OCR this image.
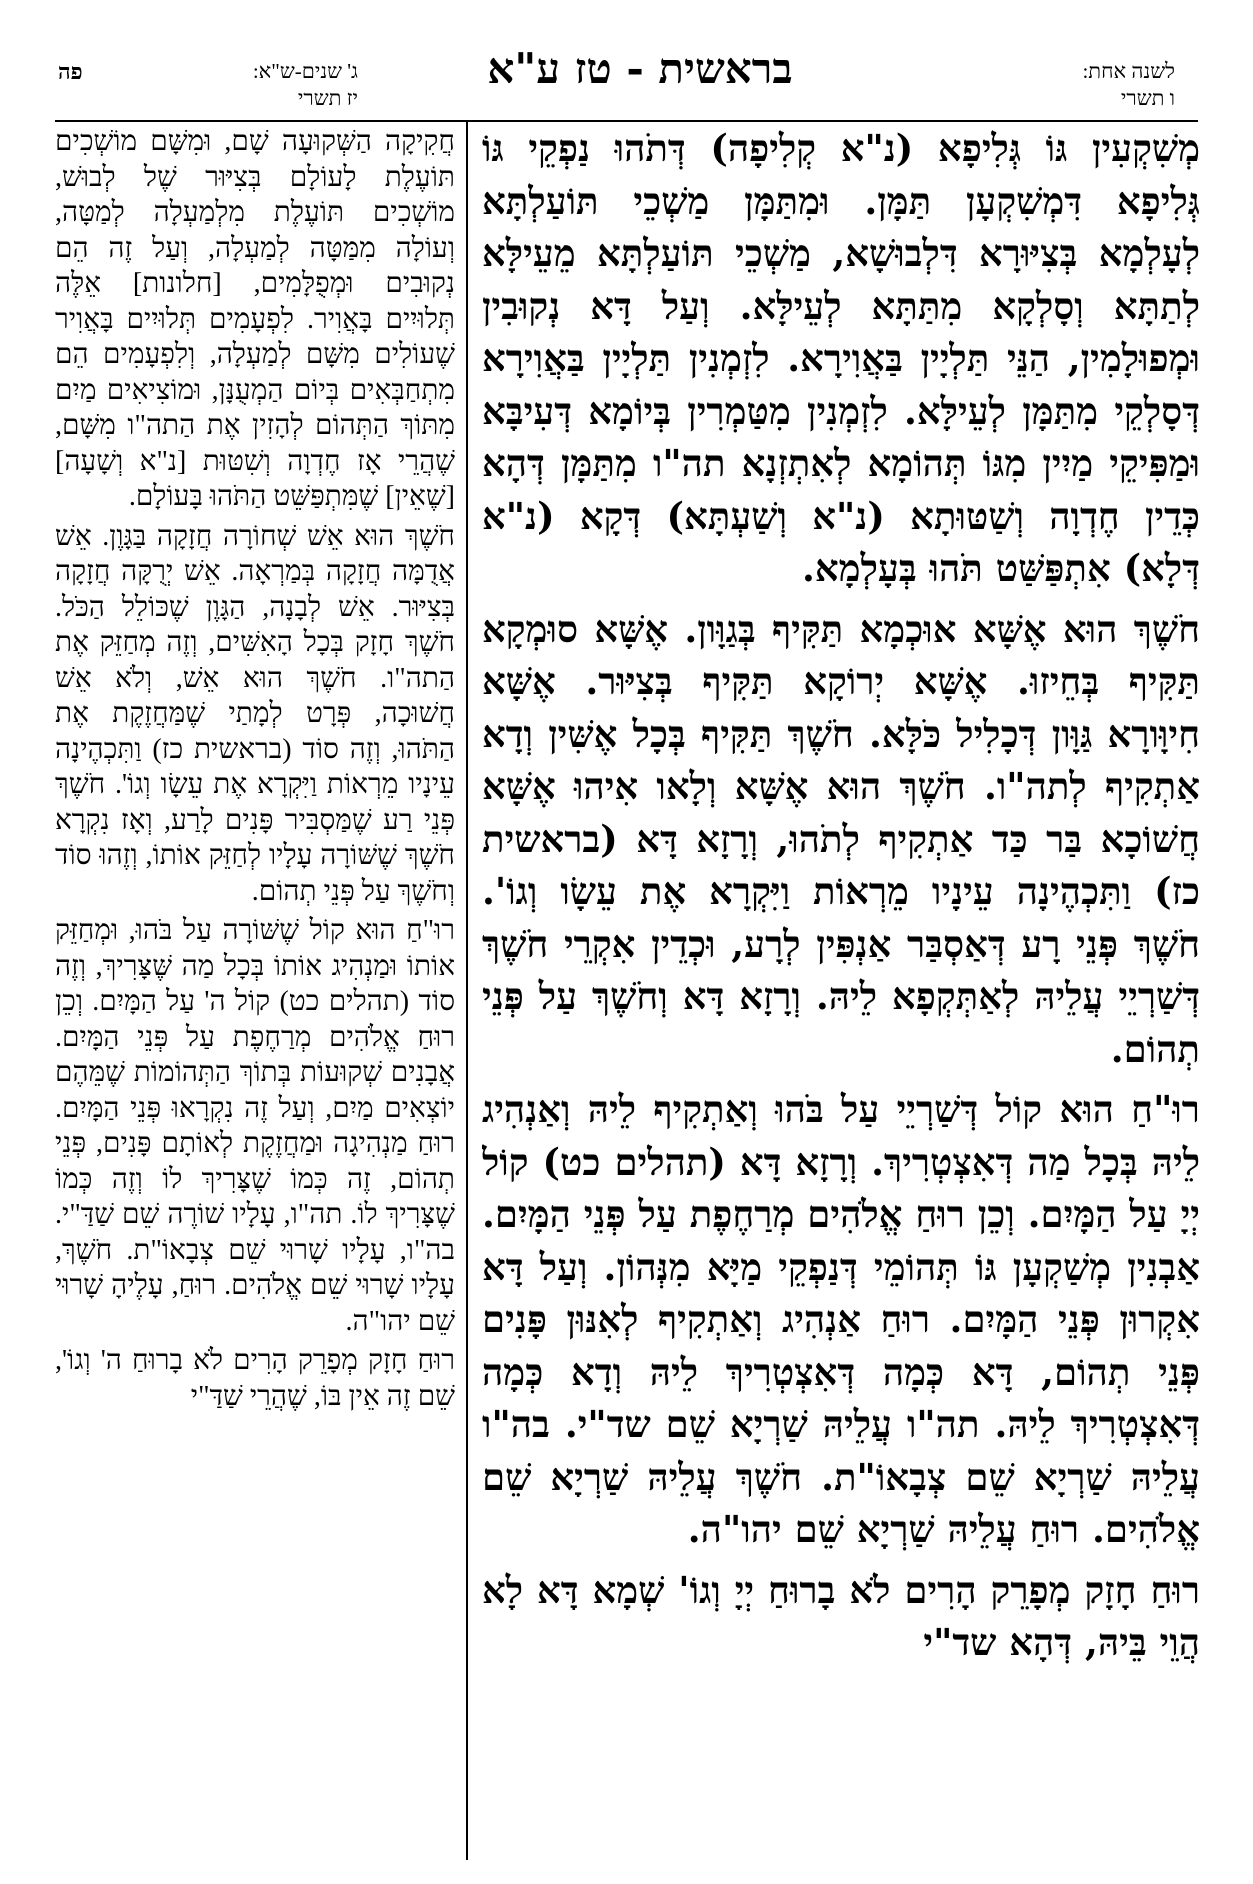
לשנה אחת:
ו תשרי
בראשית - טז ע"א
פה	ג' שנים-ש"א:
יז תשרי

מְשִׁקְעִין גּוֹ גְּלִיפָא (נ"א קְלִיפָה) דְּתֹהוּ נַפְקֵי גּוֹ גְּלִיפָא דִּמְשִׁקְעָן תַּמָּן. וּמִתַּמָּן מַשְׁכֵי תּוֹעַלְתָּא לְעָלְמָא בְּצִיּוּרָא דִּלְבוּשָׁא, מַשְׁכֵי תּוֹעַלְתָּא מֵעֵילָּא לְתַתָּא וְסָלְקָא מִתַּתָּא לְעֵילָּא. וְעַל דָּא נְקוּבִין וּמְפוּלָמִין, הַנֵּי תַּלְיָין בַּאֲוִירָא. לִזְמְנִין תַּלְיָין בַּאֲוִירָא דְּסָלְקֵי מִתַּמָּן לְעֵילָּא. לִזְמְנִין מִטַּמְרִין בְּיוֹמָא דְּעִיבָּא וּמַפִּיקֵי מַיִין מִגּוֹ תְּהוֹמָא לְאִתְזְנָא תה"ו מִתַּמָּן דְּהָא כְּדֵין חֶדְוָה וְשַׁטּוּתָא (נ"א וְשַׁעְתָּא) דְּקָא (נ"א דְּלָא) אִתְפַּשַּׁט תֹּהוּ בְּעָלְמָא.

חֹשֶׁךְ הוּא אֶשָּׁא אוּכְמָא תַּקִּיף בְּגַוָּון. אֶשָּׁא סוּמְקָא תַּקִּיף בְּחֵיזוּ. אֶשָּׁא יְרוֹקָא תַּקִּיף בְּצִיּוּר. אֶשָּׁא חִיוָּורָא גַּוָּון דְּכָלִיל כֹּלָּא. חֹשֶׁךְ תַּקִּיף בְּכָל אֶשִּׁין וְדָא אַתְקִיף לְתה"ו. חֹשֶׁךְ הוּא אֶשָּׁא וְלָאו אִיהוּ אֶשָּׁא חֲשׁוֹכָא בַּר כַּד אַתְקִיף לְתֹהוּ, וְרָזָא דָּא (בראשית כז) וַתִּכְהֶינָה עֵינָיו מֵרְאוֹת וַיִּקְרָא אֶת עֵשָׂו וְגוֹ'. חֹשֶׁךְ פְּנֵי רָע דְּאַסְבַּר אַנְפִּין לְרָע, וּכְדֵין אִקְרֵי חֹשֶׁךְ דְּשַׁרְיֵי עֲלֵיהּ לְאַתְּקְפָא לֵיהּ. וְרָזָא דָּא וְחֹשֶׁךְ עַל פְּנֵי תְהוֹם.

רוּ"חַ הוּא קוֹל דְּשַׁרְיֵי עַל בֹּהוּ וְאַתְקִיף לֵיהּ וְאַנְהִיג לֵיהּ בְּכָל מַה דְּאִצְטְרִיךְ. וְרָזָא דָּא (תהלים כט) קוֹל יְיָ עַל הַמָּיִם. וְכֵן רוּחַ אֱלֹהִים מְרַחֶפֶת עַל פְּנֵי הַמָּיִם. אַבְנִין מְשַׁקְעָן גּוֹ תְּהוֹמֵי דְּנַפְקֵי מַיָּא מִנְּהוֹן. וְעַל דָּא אִקְרוּן פְּנֵי הַמָּיִם. רוּחַ אַנְהִיג וְאַתְקִיף לְאִנּוּן פָּנִים פְּנֵי תְהוֹם, דָּא כְּמָה דְּאִצְטְרִיךְ לֵיהּ וְדָא כְּמָה דְּאִצְטְרִיךְ לֵיהּ. תה"ו עֲלֵיהּ שַׁרְיָא שֵׁם שד"י. בה"ו עֲלֵיהּ שַׁרְיָא שֵׁם צְבָאוֹ"ת. חֹשֶׁךְ עֲלֵיהּ שַׁרְיָא שֵׁם אֱלֹהִים. רוּחַ עֲלֵיהּ שַׁרְיָא שֵׁם יהו"ה.

רוּחַ חָזָק מְפָרֵק הָרִים לֹא בָרוּחַ יְיָ וְגוֹ' שְׁמָא דָּא לָא הֲוֵי בֵּיהּ, דְּהָא שד"י

חֲקִיקָה הַשְּׁקוּעָה שָׁם, וּמִשָּׁם מוֹשְׁכִים תּוֹעֶלֶת לָעוֹלָם בְּצִיּוּר שֶׁל לְבוּשׁ, מוֹשְׁכִים תּוֹעֶלֶת מִלְמַעְלָה לְמַטָּה, וְעוֹלָה מִמַּטָּה לְמַעְלָה, וְעַל זֶה הֵם נְקוּבִים וּמְפֻלָּמִים, [חלונות] אֵלֶּה תְּלוּיִים בָּאֲוִיר. לִפְעָמִים תְּלוּיִים בָּאֲוִיר שֶׁעוֹלִים מִשָּׁם לְמַעְלָה, וְלִפְעָמִים הֵם מִתְחַבְּאִים בְּיוֹם הַמְעֻנָּן, וּמוֹצִיאִים מַיִם מִתּוֹךְ הַתְּהוֹם לְהָזִין אֶת הַתה"ו מִשָּׁם, שֶׁהֲרֵי אָז חֶדְוָה וְשִׁטּוּת [נ"א וְשָׁעָה] [שֶׁאֵין] שֶׁמִּתְפַּשֵּׁט הַתֹּהוּ בָּעוֹלָם.

חֹשֶׁךְ הוּא אֵשׁ שְׁחוֹרָה חֲזָקָה בַּגָּוֶן. אֵשׁ אֲדֻמָּה חֲזָקָה בְּמַרְאָה. אֵשׁ יְרֻקָּה חֲזָקָה בְּצִיּוּר. אֵשׁ לְבָנָה, הַגָּוֶן שֶׁכּוֹלֵל הַכֹּל. חֹשֶׁךְ חָזָק בְּכָל הָאִשִּׁים, וְזֶה מְחַזֵּק אֶת הַתה"ו. חֹשֶׁךְ הוּא אֵשׁ, וְלֹא אֵשׁ חֲשׁוּכָה, פְּרָט לְמָתַי שֶׁמַּחֲזֶקֶת אֶת הַתֹּהוּ, וְזֶה סוֹד (בראשית כז) וַתִּכְהֶינָה עֵינָיו מֵרְאוֹת וַיִּקְרָא אֶת עֵשָׂו וְגוֹ'. חֹשֶׁךְ פְּנֵי רַע שֶׁמַּסְבִּיר פָּנִים לָרַע, וְאָז נִקְרָא חֹשֶׁךְ שֶׁשּׁוֹרָה עָלָיו לְחַזֵּק אוֹתוֹ, וְזֶהוּ סוֹד וְחֹשֶׁךְ עַל פְּנֵי תְהוֹם.

רוּ"חַ הוּא קוֹל שֶׁשּׁוֹרָה עַל בֹּהוּ, וּמְחַזֵּק אוֹתוֹ וּמַנְהִיג אוֹתוֹ בְּכָל מַה שֶּׁצָּרִיךְ, וְזֶה סוֹד (תהלים כט) קוֹל ה' עַל הַמָּיִם. וְכֵן רוּחַ אֱלֹהִים מְרַחֶפֶת עַל פְּנֵי הַמָּיִם. אֲבָנִים שְׁקוּעוֹת בְּתוֹךְ הַתְּהוֹמוֹת שֶׁמֵּהֶם יוֹצְאִים מַיִם, וְעַל זֶה נִקְרָאוּ פְּנֵי הַמָּיִם. רוּחַ מַנְהִיגָה וּמַחֲזֶקֶת לְאוֹתָם פָּנִים, פְּנֵי תְהוֹם, זֶה כְּמוֹ שֶׁצָּרִיךְ לוֹ וְזֶה כְּמוֹ שֶׁצָּרִיךְ לוֹ. תה"ו, עָלָיו שׁוֹרֶה שֵׁם שַׁדַּ"י. בה"ו, עָלָיו שָׁרוּי שֵׁם צְבָאוֹ"ת. חֹשֶׁךְ, עָלָיו שָׁרוּי שֵׁם אֱלֹהִים. רוּחַ, עָלֶיהָ שָׁרוּי שֵׁם יהו"ה.

רוּחַ חָזָק מְפָרֵק הָרִים לֹא בָרוּחַ ה' וְגוֹ', שֵׁם זֶה אֵין בּוֹ, שֶׁהֲרֵי שַׁדַּ"י
